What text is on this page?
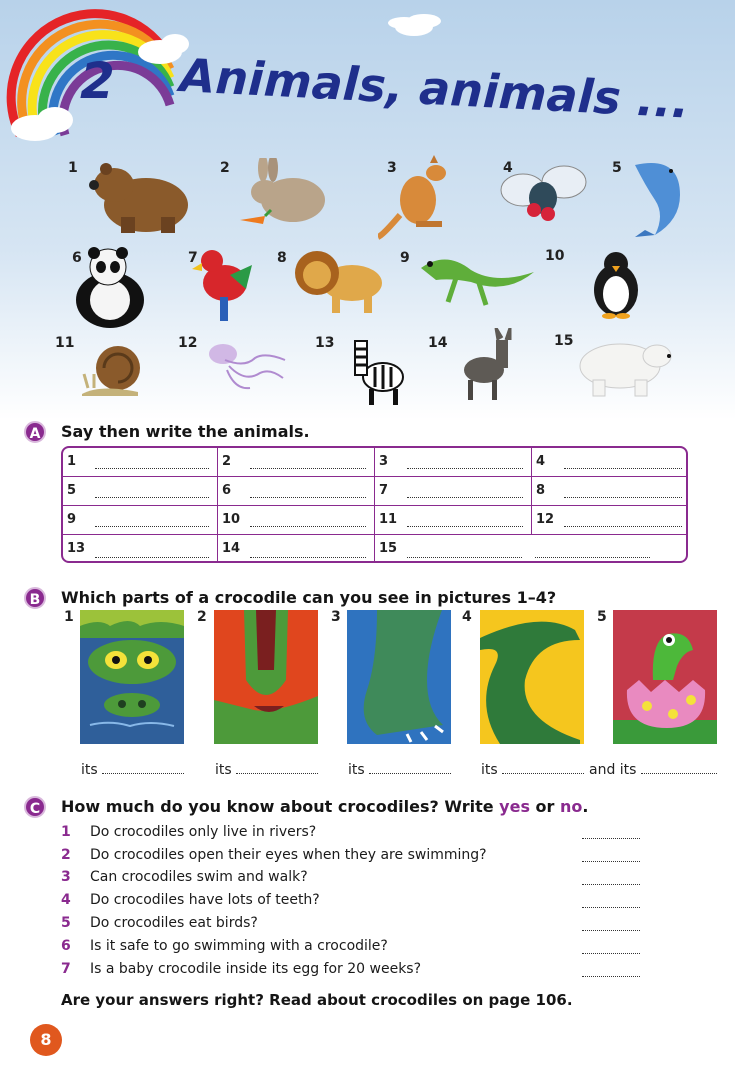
2 Animals, animals ...
1	2	3	4	5
6	7	8	9	10
11	12	13	14	15
A	Say then write the animals.
1	2	3	4
5	6	7	8
9	10	11	12
13	14	15
B	Which parts of a crocodile can you see in pictures 1–4?
1	2	3	4	5
its	its	its	its	and its
C	How much do you know about crocodiles? Write yes or no.
1 Do crocodiles only live in rivers?
2 Do crocodiles open their eyes when they are swimming?
3 Can crocodiles swim and walk?
4 Do crocodiles have lots of teeth?
5 Do crocodiles eat birds?
6 Is it safe to go swimming with a crocodile?
7 Is a baby crocodile inside its egg for 20 weeks?
Are your answers right? Read about crocodiles on page 106.
8
